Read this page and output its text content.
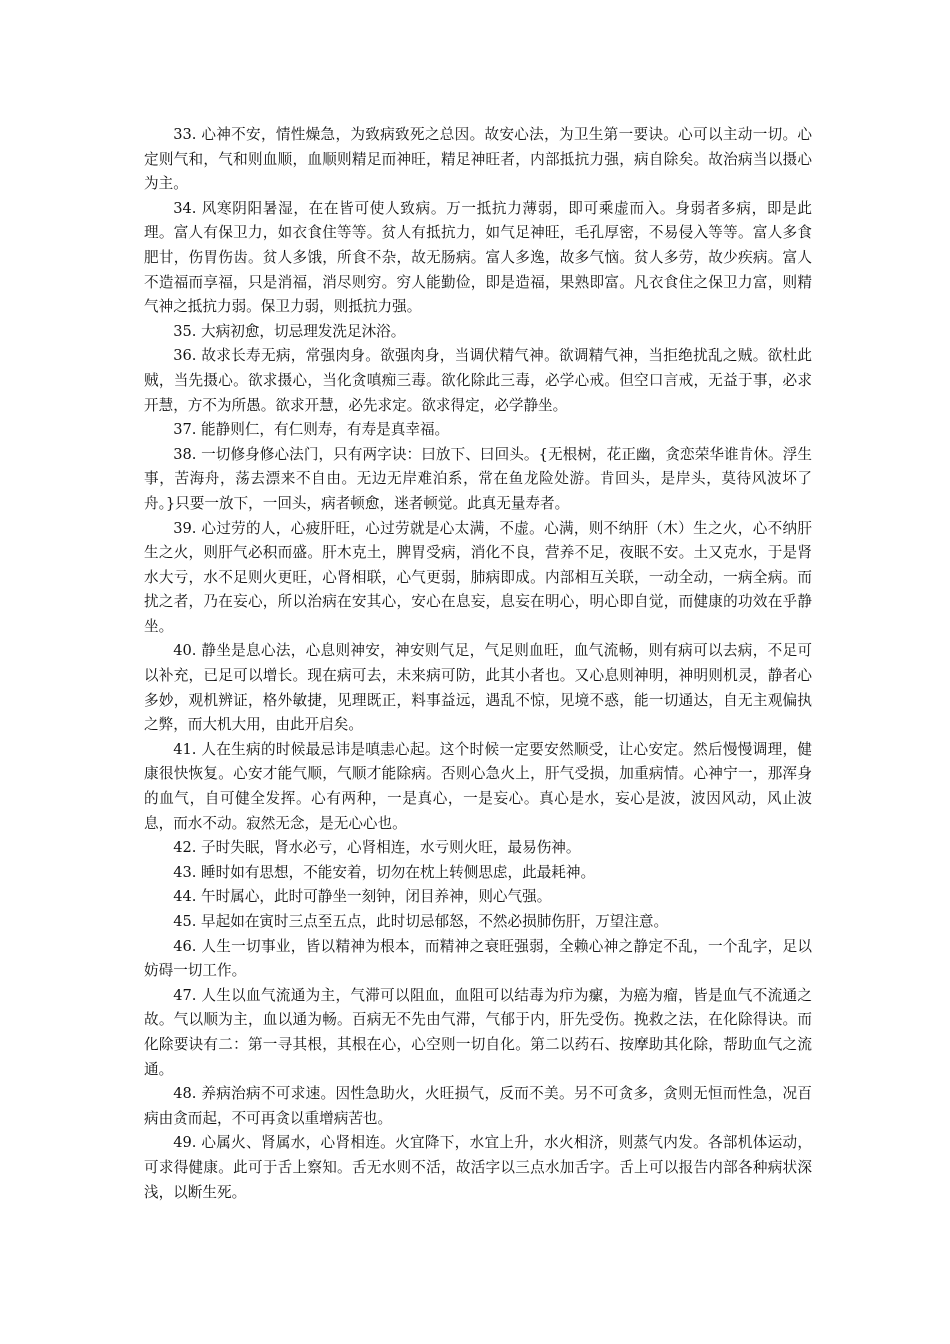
33. 心神不安，情性燥急，为致病致死之总因。故安心法，为卫生第一要诀。心可以主动一切。心定则气和，气和则血顺，血顺则精足而神旺，精足神旺者，内部抵抗力强，病自除矣。故治病当以摄心为主。

34. 风寒阴阳暑湿，在在皆可使人致病。万一抵抗力薄弱，即可乘虚而入。身弱者多病，即是此理。富人有保卫力，如衣食住等等。贫人有抵抗力，如气足神旺，毛孔厚密，不易侵入等等。富人多食肥甘，伤胃伤齿。贫人多饿，所食不杂，故无肠病。富人多逸，故多气恼。贫人多劳，故少疾病。富人不造福而享福，只是消福，消尽则穷。穷人能勤俭，即是造福，果熟即富。凡衣食住之保卫力富，则精气神之抵抗力弱。保卫力弱，则抵抗力强。

35. 大病初愈，切忌理发洗足沐浴。

36. 故求长寿无病，常强肉身。欲强肉身，当调伏精气神。欲调精气神，当拒绝扰乱之贼。欲杜此贼，当先摄心。欲求摄心，当化贪嗔痴三毒。欲化除此三毒，必学心戒。但空口言戒，无益于事，必求开慧，方不为所愚。欲求开慧，必先求定。欲求得定，必学静坐。

37. 能静则仁，有仁则寿，有寿是真幸福。

38. 一切修身修心法门，只有两字诀：曰放下、曰回头。{无根树，花正幽，贪恋荣华谁肯休。浮生事，苦海舟，荡去漂来不自由。无边无岸难泊系，常在鱼龙险处游。肯回头，是岸头，莫待风波坏了舟。}只要一放下，一回头，病者顿愈，迷者顿觉。此真无量寿者。

39. 心过劳的人，心疲肝旺，心过劳就是心太满，不虚。心满，则不纳肝（木）生之火，心不纳肝生之火，则肝气必积而盛。肝木克土，脾胃受病，消化不良，营养不足，夜眠不安。土又克水，于是肾水大亏，水不足则火更旺，心肾相联，心气更弱，肺病即成。内部相互关联，一动全动，一病全病。而扰之者，乃在妄心，所以治病在安其心，安心在息妄，息妄在明心，明心即自觉，而健康的功效在乎静坐。

40. 静坐是息心法，心息则神安，神安则气足，气足则血旺，血气流畅，则有病可以去病，不足可以补充，已足可以增长。现在病可去，未来病可防，此其小者也。又心息则神明，神明则机灵，静者心多妙，观机辨证，格外敏捷，见理既正，料事益远，遇乱不惊，见境不惑，能一切通达，自无主观偏执之弊，而大机大用，由此开启矣。

41. 人在生病的时候最忌讳是嗔恚心起。这个时候一定要安然顺受，让心安定。然后慢慢调理，健康很快恢复。心安才能气顺，气顺才能除病。否则心急火上，肝气受损，加重病情。心神宁一，那浑身的血气，自可健全发挥。心有两种，一是真心，一是妄心。真心是水，妄心是波，波因风动，风止波息，而水不动。寂然无念，是无心心也。

42. 子时失眠，肾水必亏，心肾相连，水亏则火旺，最易伤神。

43. 睡时如有思想，不能安着，切勿在枕上转侧思虑，此最耗神。

44. 午时属心，此时可静坐一刻钟，闭目养神，则心气强。

45. 早起如在寅时三点至五点，此时切忌郁怒，不然必损肺伤肝，万望注意。

46. 人生一切事业，皆以精神为根本，而精神之衰旺强弱，全赖心神之静定不乱，一个乱字，足以妨碍一切工作。

47. 人生以血气流通为主，气滞可以阻血，血阻可以结毒为疖为瘰，为癌为瘤，皆是血气不流通之故。气以顺为主，血以通为畅。百病无不先由气滞，气郁于内，肝先受伤。挽救之法，在化除得诀。而化除要诀有二：第一寻其根，其根在心，心空则一切自化。第二以药石、按摩助其化除，帮助血气之流通。

48. 养病治病不可求速。因性急助火，火旺损气，反而不美。另不可贪多，贪则无恒而性急，况百病由贪而起，不可再贪以重增病苦也。

49. 心属火、肾属水，心肾相连。火宜降下，水宜上升，水火相济，则蒸气内发。各部机体运动，可求得健康。此可于舌上察知。舌无水则不活，故活字以三点水加舌字。舌上可以报告内部各种病状深浅，以断生死。
